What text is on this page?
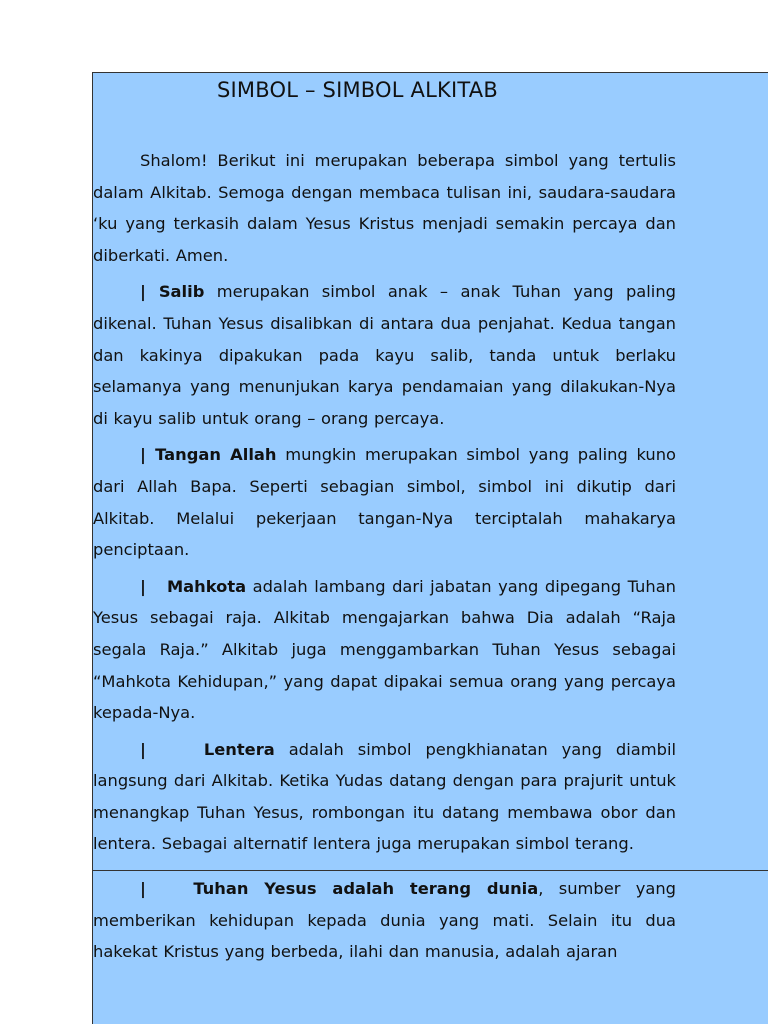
SIMBOL – SIMBOL ALKITAB

Shalom! Berikut ini merupakan beberapa simbol yang tertulis dalam Alkitab. Semoga dengan membaca tulisan ini, saudara-saudara ‘ku yang terkasih dalam Yesus Kristus menjadi semakin percaya dan diberkati. Amen.

| Salib merupakan simbol anak – anak Tuhan yang paling dikenal. Tuhan Yesus disalibkan di antara dua penjahat. Kedua tangan dan kakinya dipakukan pada kayu salib, tanda untuk berlaku selamanya yang menunjukan karya pendamaian yang dilakukan-Nya di kayu salib untuk orang – orang percaya.

| Tangan Allah mungkin merupakan simbol yang paling kuno dari Allah Bapa. Seperti sebagian simbol, simbol ini dikutip dari Alkitab. Melalui pekerjaan tangan-Nya terciptalah mahakarya penciptaan.

|   Mahkota adalah lambang dari jabatan yang dipegang Tuhan Yesus sebagai raja. Alkitab mengajarkan bahwa Dia adalah “Raja segala Raja.” Alkitab juga menggambarkan Tuhan Yesus sebagai “Mahkota Kehidupan,” yang dapat dipakai semua orang yang percaya kepada-Nya.

|    Lentera adalah simbol pengkhianatan yang diambil langsung dari Alkitab. Ketika Yudas datang dengan para prajurit untuk menangkap Tuhan Yesus, rombongan itu datang membawa obor dan lentera. Sebagai alternatif lentera juga merupakan simbol terang.

|   Tuhan Yesus adalah terang dunia, sumber yang memberikan kehidupan kepada dunia yang mati. Selain itu dua hakekat Kristus yang berbeda, ilahi dan manusia, adalah ajaran
